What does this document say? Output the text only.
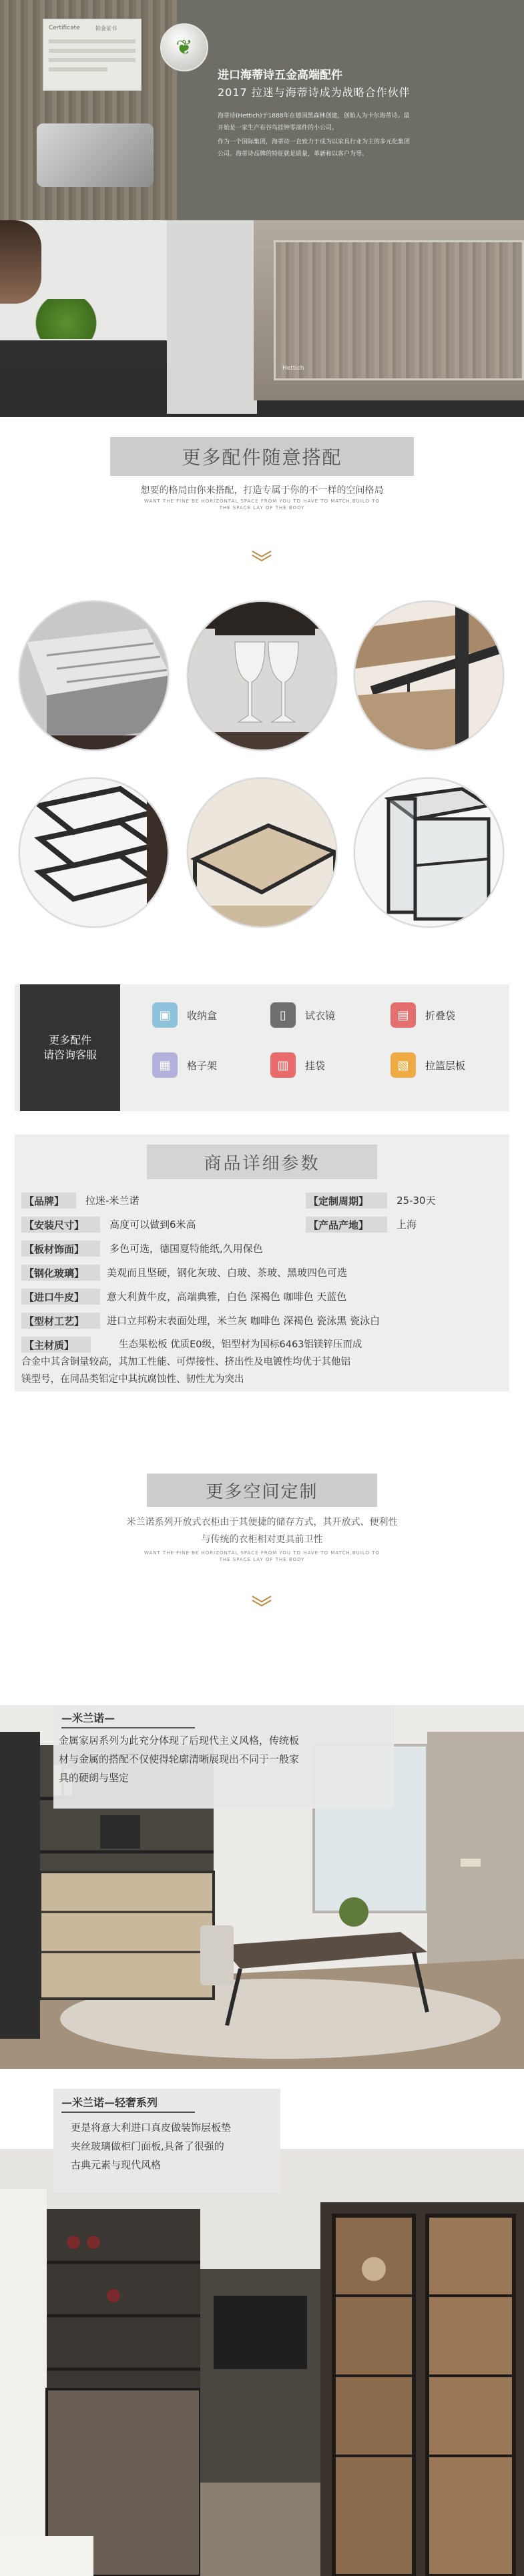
Certificate	铂金证书
Hettich
❦
进口海蒂诗五金高端配件
2017 拉迷与海蒂诗成为战略合作伙伴
海蒂诗(Hettich)于1888年在德国黑森林创建，创始人为卡尔海蒂诗。最
开始是一家生产布谷鸟挂钟零部件的小公司。
作为一个国际集团，海蒂诗一直致力于成为以家具行业为主的多元化集团
公司。海蒂诗品牌的特征就是质量，革新和以客户为导。
更多配件随意搭配
想要的格局由你来搭配，打造专属于你的不一样的空间格局
WANT THE FINE BE HORIZONTAL SPACE FROM YOU TO HAVE TO MATCH,BUILD TO
THE SPACE LAY OF THE BODY
更多配件
请咨询客服
▣	收纳盒	▯	试衣镜	▤	折叠袋
▦	格子架	▥	挂袋	▧	拉篮层板
商品详细参数
【品牌】	拉迷-米兰诺	【定制周期】	25-30天
【安装尺寸】	高度可以做到6米高	【产品产地】	上海
【板材饰面】	多色可选，德国夏特能纸,久用保色
【钢化玻璃】	美观而且坚硬，钢化灰玻、白玻、茶玻、黑玻四色可选
【进口牛皮】	意大利黄牛皮，高端典雅，白色 深褐色 咖啡色 天蓝色
【型材工艺】	进口立邦粉末表面处理，米兰灰 咖啡色 深褐色 瓷泳黑 瓷泳白
【主材质】	生态果松板 优质E0级，铝型材为国标6463铝镁锌压而成
合金中其含铜量较高，其加工性能、可焊接性、挤出性及电镀性均优于其他铝
镁型号，在同品类铝定中其抗腐蚀性、韧性尤为突出
更多空间定制
米兰诺系列开放式衣柜由于其便捷的储存方式，其开放式、便利性
与传统的衣柜相对更具前卫性
WANT THE FINE BE HORIZONTAL SPACE FROM YOU TO HAVE TO MATCH,BUILD TO
THE SPACE LAY OF THE BODY
—米兰诺—
金属家居系列为此充分体现了后现代主义风格，传统板
材与金属的搭配不仅使得轮廓清晰展现出不同于一般家
具的硬朗与坚定
—米兰诺—轻奢系列
更是将意大利进口真皮做装饰层板垫
夹丝玻璃做柜门面板,具备了很强的
古典元素与现代风格
